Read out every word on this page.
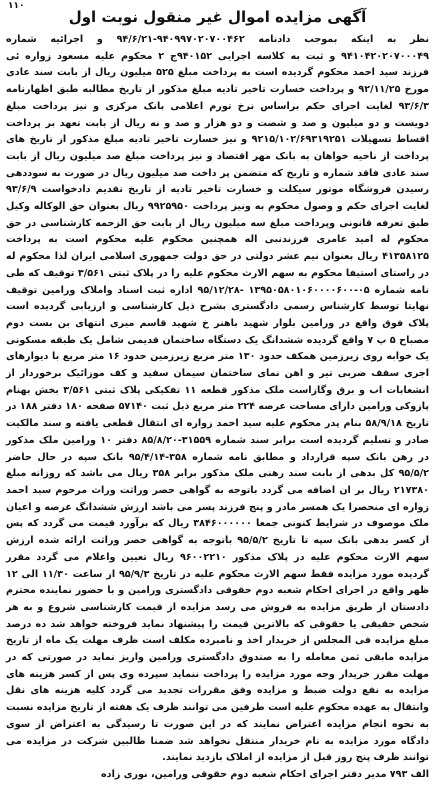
۱۱۰
آگهی مزایده اموال غیر منقول نوبت اول
نظر به اینکه بموجب دادنامه ۹۴۰۹۹۷۰۲۰۷۰۰۴۶۲-۹۴/۶/۲۱ و اجرائیه شماره ۹۴۱۰۴۲۰۲۰۷۰۰۰۴۹ و ثبت به کلاسه اجرایی ۹۴۰۱۵۲ج ۲ محکوم علیه مسعود زواره ئی فرزند سید احمد محکوم گردیده است به پرداخت مبلغ ۵۲۵ میلیون ریال از بابت سند عادی مورخ ۹۲/۱۱/۲۵ و پرداخت خسارت تاخیر تادیه مبلغ مذکور از تاریخ مطالبه طبق اظهارنامه ۹۳/۶/۳ لغایت اجرای حکم براساس نرخ تورم اعلامی بانک مرکزی و نیز پرداخت مبلغ دویست و دو میلیون و صد و شصت و دو هزار و صد و نه ریال از بابت تعهد بر پرداخت اقساط تسهیلات ۹۲۱۵/۱۰۲/۶۹۳۱۹۲۵۱ و نیز خسارت تاخیر تادیه مبلغ مذکور از تاریخ های پرداخت از ناحیه خواهان به بانک مهر اقتصاد و نیز پرداخت مبلغ صد میلیون ریال از بابت سند عادی فاقد شماره و تاریخ که متضمن پر داخت صد میلیون ریال در صورت به سوددهی رسیدن فروشگاه موتور سیکلت و خسارت تاخیر تادیه از تاریخ تقدیم دادخواست ۹۳/۶/۹ لغایت اجرای حکم و وصول محکوم به ونیز پرداخت ۹۹۲۵۹۵۰ ریال بعنوان حق الوکاله وکیل طبق تعرفه قانونی وپرداخت مبلغ سه میلیون ریال از بابت حق الزحمه کارشناسی در حق محکوم له امید عامری فرزندنبی اله همچنین محکوم علیه محکوم است به پرداخت ۴۱۳۵۸۱۲۵ ریال بعنوان نیم عشر دولتی در حق دولت جمهوری اسلامی ایران لذا محکوم له در راستای استیفا محکوم به سهم الارث محکوم علیه را در پلاک ثبتی ۳/۵۶۱ توقیف که طی نامه شماره ۰۵-۱۳۹۵۰۵۸۰۱۰۶۰۰۰۰۶۰۰ -۹۵/۱۲/۲۸ اداره ثبت اسناد واملاک ورامین توقیف نهایتا توسط کارشناس رسمی دادگستری بشرح ذیل کارشناسی و ارزیابی گردیده است پلاک فوق واقع در ورامین بلوار شهید باهنر خ شهید قاسم میری انتهای بن بست دوم مصباح ۵ پ ۷ واقع گردیده ششدانگ یک دستگاه ساختمان قدیمی شامل یک طبقه مسکونی یک خوابه روی زیرزمین همکف حدود ۱۳۰ متر مربع زیرزمین حدود ۱۶ متر مربع با دیوارهای اجری سقف ضربی تیر و اهن نمای ساختمان سیمان سفید و کف موزائیک برخوردار از انشعابات اب و برق وگازاست ملک مذکور قطعه ۱۱ تفکیکی پلاک ثبتی ۳/۵۶۱ بخش بهنام پازوکی ورامین دارای مساحت عرصه ۲۲۴ متر مربع ذیل ثبت ۵۷۱۴۰ صفحه ۱۸۰ دفتر ۱۸۸ در تاریخ ۵۸/۹/۱۸ بنام پدر محکوم علیه سید احمد زواره ای انتقال قطعی یافته و سند مالکیت صادر و تسلیم گردیده است برابر سند شماره ۳۱۵۵۹-۸۵/۸/۲۰ دفتر ۱۰ ورامین ملک مذکور در رهن بانک سپه قرارداد و مطابق نامه شماره ۳۵۸-۹۵/۴/۱۴ بانک سپه در حال حاضر ۹۵/۵/۲ کل بدهی از بابت سند رهنی ملک مذکور برابر ۳۵۸ ریال می باشد که روزانه مبلغ ۲۱۷۳۸۰ ریال بر ان اضافه می گردد باتوجه به گواهی حصر وراثت وراث مرحوم سید احمد زواره ای منحصرا یک همسر مادر و پنج فرزند پسر می باشد ارزش ششدانگ عرصه و اعیان ملک موصوف در شرایط کنونی جمعا ۳۸۴۶۰۰۰۰۰۰ ریال که برآورد قیمت می گردد که پس از کسر بدهی بانک سپه تا تاریخ ۹۵/۵/۲ باتوجه به گواهی حصر وراثت ارائه شده ارزش سهم الارث محکوم علیه در پلاک مذکور ۹۶۰۰۲۲۱۰ ریال تعیین واعلام می گردد مقرر گردیده مورد مزایده فقط سهم الارث محکوم علیه در تاریخ ۹۵/۹/۳ از ساعت ۱۱/۳۰ الی ۱۲ ظهر واقع در اجرای احکام شعبه دوم حقوقی دادگستری ورامین و با حضور نماینده محترم دادستان از طریق مزایده به فروش می رسد مزایده از قیمت کارشناسی شروع و به هر شخص حقیقی یا حقوقی که بالاترین قیمت را پیشنهاد نماید فروخته خواهد شد ده درصد مبلغ مزایده فی المجلس از خریدار اخذ و نامبرده مکلف است ظرف مهلت یک ماه از تاریخ مزایده مابقی ثمن معامله را به صندوق دادگستری ورامین واریز نماید در صورتی که در مهلت مقرر خریدار وجه مورد مزایده را پرداخت ننماید سپرده وی پس از کسر هزینه های مزایده به نفع دولت ضبط و مزایده وفق مقررات تجدید می گردد کلیه هزینه های نقل وانتقال به عهده محکوم علیه است طرفین می توانند ظرف یک هفته از تاریخ مزایده نسبت به نحوه انجام مزایده اعتراض نمایند که در این صورت تا رسیدگی به اعتراض از سوی دادگاه مورد مزایده به نام خریدار منتقل نخواهد شد ضمنا طالبین شرکت در مزایده می توانند ظرف پنج روز قبل از مزایده از املاک بازدید نمایند.
الف ۷۹۳ مدیر دفتر اجرای احکام شعبه دوم حقوقی ورامین، نوری زاده
